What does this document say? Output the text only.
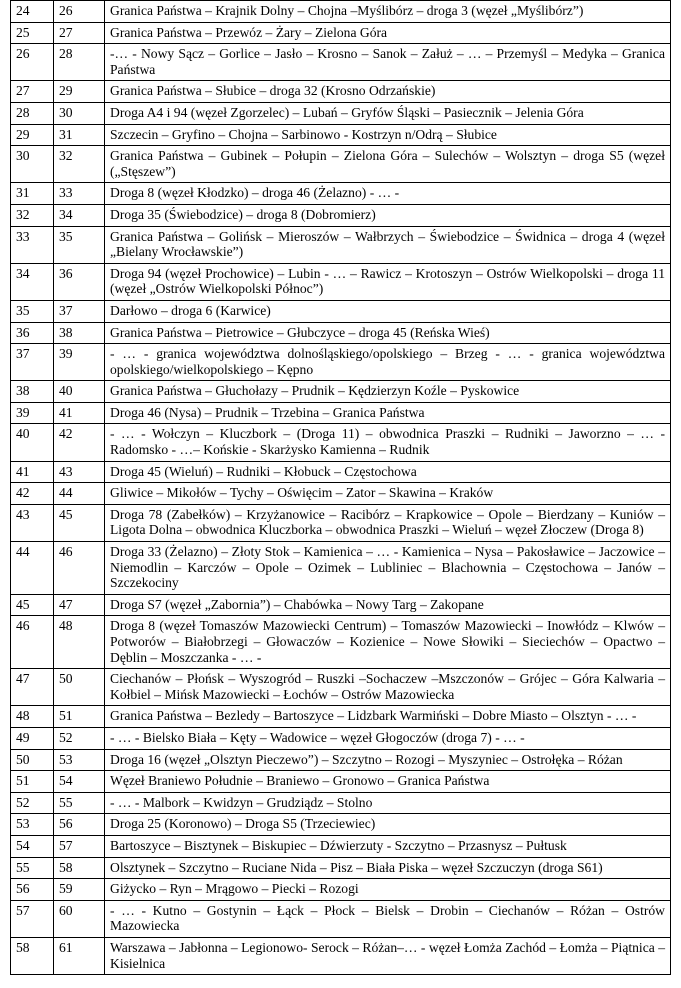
24	26	Granica Państwa – Krajnik Dolny – Chojna –Myślibórz – droga 3 (węzeł „Myślibórz”)
25	27	Granica Państwa – Przewóz – Żary – Zielona Góra
26	28	-… - Nowy Sącz – Gorlice – Jasło – Krosno – Sanok – Załuż – … – Przemyśl – Medyka – Granica Państwa
27	29	Granica Państwa – Słubice – droga 32 (Krosno Odrzańskie)
28	30	Droga A4 i 94 (węzeł Zgorzelec) – Lubań – Gryfów Śląski – Pasiecznik – Jelenia Góra
29	31	Szczecin – Gryfino – Chojna – Sarbinowo - Kostrzyn n/Odrą – Słubice
30	32	Granica Państwa – Gubinek – Połupin – Zielona Góra – Sulechów – Wolsztyn – droga S5 (węzeł („Stęszew”)
31	33	Droga 8 (węzeł Kłodzko) – droga 46 (Żelazno) - … -
32	34	Droga 35 (Świebodzice) – droga 8 (Dobromierz)
33	35	Granica Państwa – Golińsk – Mieroszów – Wałbrzych – Świebodzice – Świdnica – droga 4 (węzeł „Bielany Wrocławskie”)
34	36	Droga 94 (węzeł Prochowice) – Lubin - … – Rawicz – Krotoszyn – Ostrów Wielkopolski – droga 11 (węzeł „Ostrów Wielkopolski Północ”)
35	37	Darłowo – droga 6 (Karwice)
36	38	Granica Państwa – Pietrowice – Głubczyce – droga 45 (Reńska Wieś)
37	39	- … - granica województwa dolnośląskiego/opolskiego – Brzeg - … - granica województwa opolskiego/wielkopolskiego – Kępno
38	40	Granica Państwa – Głuchołazy – Prudnik – Kędzierzyn Koźle – Pyskowice
39	41	Droga 46 (Nysa) – Prudnik – Trzebina – Granica Państwa
40	42	- … - Wołczyn – Kluczbork – (Droga 11) – obwodnica Praszki – Rudniki – Jaworzno – … - Radomsko - …– Końskie - Skarżysko Kamienna – Rudnik
41	43	Droga 45 (Wieluń) – Rudniki – Kłobuck – Częstochowa
42	44	Gliwice – Mikołów – Tychy – Oświęcim – Zator – Skawina – Kraków
43	45	Droga 78 (Zabełków) – Krzyżanowice – Racibórz – Krapkowice – Opole – Bierdzany – Kuniów – Ligota Dolna – obwodnica Kluczborka – obwodnica Praszki – Wieluń – węzeł Złoczew (Droga 8)
44	46	Droga 33 (Żelazno) – Złoty Stok – Kamienica – … - Kamienica – Nysa – Pakosławice – Jaczowice – Niemodlin – Karczów – Opole – Ozimek – Lubliniec – Blachownia – Częstochowa – Janów – Szczekociny
45	47	Droga S7 (węzeł „Zabornia”) – Chabówka – Nowy Targ – Zakopane
46	48	Droga 8 (węzeł Tomaszów Mazowiecki Centrum) – Tomaszów Mazowiecki – Inowłódz – Klwów – Potworów – Białobrzegi – Głowaczów – Kozienice – Nowe Słowiki – Sieciechów – Opactwo – Dęblin – Moszczanka - … -
47	50	Ciechanów – Płońsk – Wyszogród – Ruszki –Sochaczew –Mszczonów – Grójec – Góra Kalwaria – Kołbiel – Mińsk Mazowiecki – Łochów – Ostrów Mazowiecka
48	51	Granica Państwa – Bezledy – Bartoszyce – Lidzbark Warmiński – Dobre Miasto – Olsztyn - … -
49	52	- … - Bielsko Biała – Kęty – Wadowice – węzeł Głogoczów (droga 7) - … -
50	53	Droga 16 (węzeł „Olsztyn Pieczewo”) – Szczytno – Rozogi – Myszyniec – Ostrołęka – Różan
51	54	Węzeł Braniewo Południe – Braniewo – Gronowo – Granica Państwa
52	55	- … - Malbork – Kwidzyn – Grudziądz – Stolno
53	56	Droga 25 (Koronowo) – Droga S5 (Trzeciewiec)
54	57	Bartoszyce – Bisztynek – Biskupiec – Dźwierzuty - Szczytno – Przasnysz – Pułtusk
55	58	Olsztynek – Szczytno – Ruciane Nida – Pisz – Biała Piska – węzeł Szczuczyn (droga S61)
56	59	Giżycko – Ryn – Mrągowo – Piecki – Rozogi
57	60	- … - Kutno – Gostynin – Łąck – Płock – Bielsk – Drobin – Ciechanów – Różan – Ostrów Mazowiecka
58	61	Warszawa – Jabłonna – Legionowo- Serock – Różan–… - węzeł Łomża Zachód – Łomża – Piątnica – Kisielnica
